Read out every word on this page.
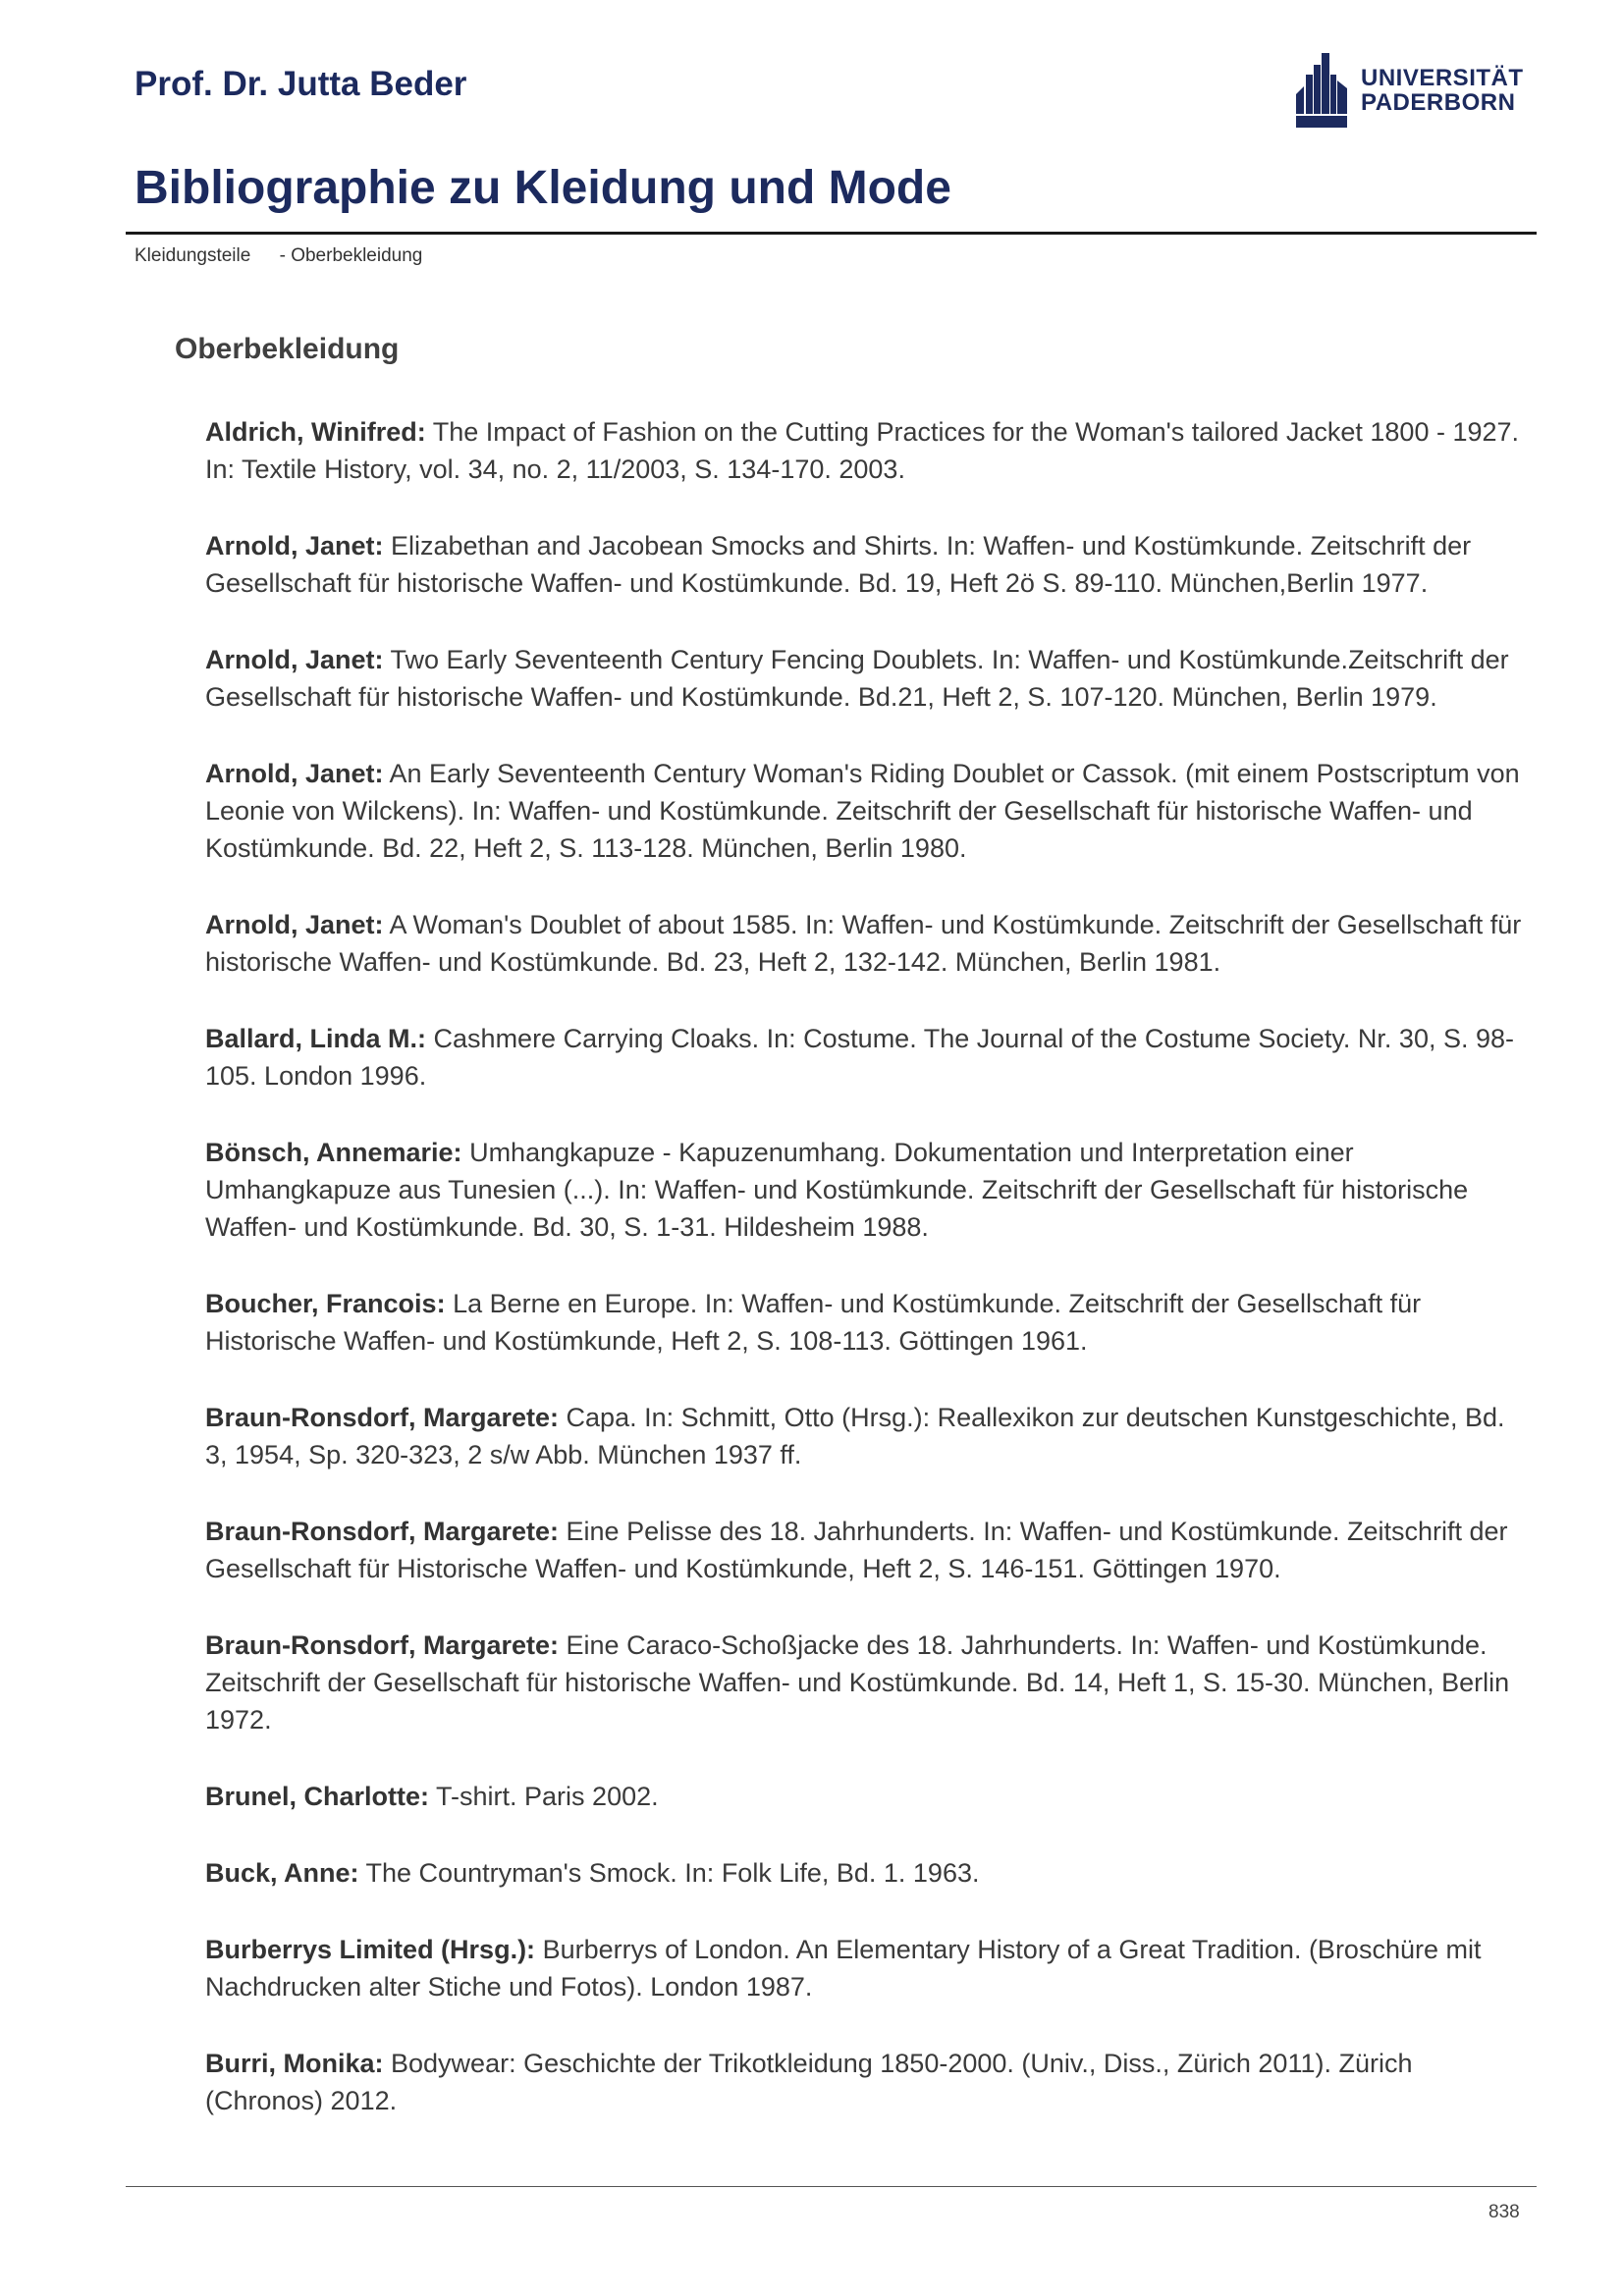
Prof. Dr. Jutta Beder	UNIVERSITÄT
PADERBORN
Bibliographie zu Kleidung und Mode
Kleidungsteile - Oberbekleidung
Oberbekleidung

Aldrich, Winifred: The Impact of Fashion on the Cutting Practices for the Woman's tailored Jacket 1800 - 1927. In: Textile History, vol. 34, no. 2, 11/2003, S. 134-170. 2003.

Arnold, Janet: Elizabethan and Jacobean Smocks and Shirts. In: Waffen- und Kostümkunde. Zeitschrift der Gesellschaft für historische Waffen- und Kostümkunde. Bd. 19, Heft 2ö S. 89-110. München,Berlin 1977.

Arnold, Janet: Two Early Seventeenth Century Fencing Doublets. In: Waffen- und Kostümkunde.Zeitschrift der Gesellschaft für historische Waffen- und Kostümkunde. Bd.21, Heft 2, S. 107-120. München, Berlin 1979.

Arnold, Janet: An Early Seventeenth Century Woman's Riding Doublet or Cassok. (mit einem Postscriptum von Leonie von Wilckens). In: Waffen- und Kostümkunde. Zeitschrift der Gesellschaft für historische Waffen- und Kostümkunde. Bd. 22, Heft 2, S. 113-128. München, Berlin 1980.

Arnold, Janet: A Woman's Doublet of about 1585. In: Waffen- und Kostümkunde. Zeitschrift der Gesellschaft für historische Waffen- und Kostümkunde. Bd. 23, Heft 2, 132-142. München, Berlin 1981.

Ballard, Linda M.: Cashmere Carrying Cloaks. In: Costume. The Journal of the Costume Society. Nr. 30, S. 98-105. London 1996.

Bönsch, Annemarie: Umhangkapuze - Kapuzenumhang. Dokumentation und Interpretation einer Umhangkapuze aus Tunesien (...). In: Waffen- und Kostümkunde. Zeitschrift der Gesellschaft für historische Waffen- und Kostümkunde. Bd. 30, S. 1-31. Hildesheim 1988.

Boucher, Francois: La Berne en Europe. In: Waffen- und Kostümkunde. Zeitschrift der Gesellschaft für Historische Waffen- und Kostümkunde, Heft 2, S. 108-113. Göttingen 1961.

Braun-Ronsdorf, Margarete: Capa. In: Schmitt, Otto (Hrsg.): Reallexikon zur deutschen Kunstgeschichte, Bd. 3, 1954, Sp. 320-323, 2 s/w Abb. München 1937 ff.

Braun-Ronsdorf, Margarete: Eine Pelisse des 18. Jahrhunderts. In: Waffen- und Kostümkunde. Zeitschrift der Gesellschaft für Historische Waffen- und Kostümkunde, Heft 2, S. 146-151. Göttingen 1970.

Braun-Ronsdorf, Margarete: Eine Caraco-Schoßjacke des 18. Jahrhunderts. In: Waffen- und Kostümkunde. Zeitschrift der Gesellschaft für historische Waffen- und Kostümkunde. Bd. 14, Heft 1, S. 15-30. München, Berlin 1972.

Brunel, Charlotte: T-shirt. Paris 2002.

Buck, Anne: The Countryman's Smock. In: Folk Life, Bd. 1. 1963.

Burberrys Limited (Hrsg.): Burberrys of London. An Elementary History of a Great Tradition. (Broschüre mit Nachdrucken alter Stiche und Fotos). London 1987.

Burri, Monika: Bodywear: Geschichte der Trikotkleidung 1850-2000. (Univ., Diss., Zürich 2011). Zürich (Chronos) 2012.

838
